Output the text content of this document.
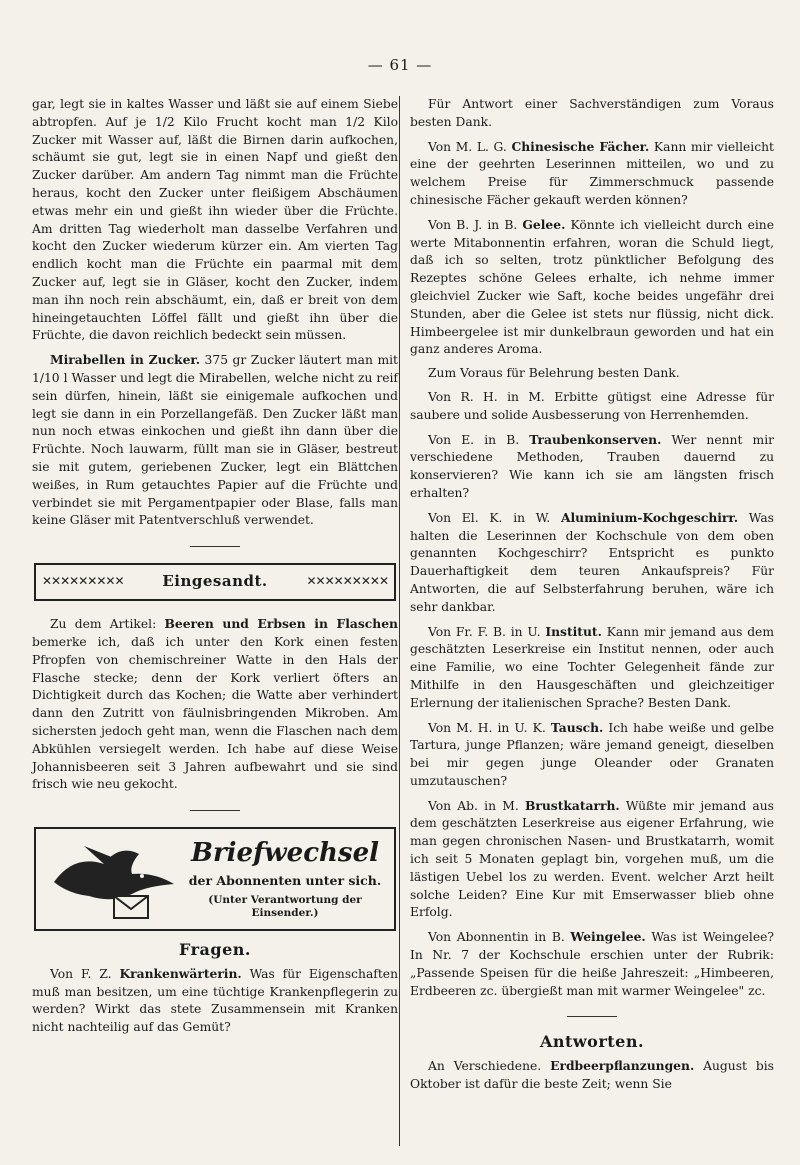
— 61 —

gar, legt sie in kaltes Wasser und läßt sie auf einem Siebe abtropfen. Auf je 1/2 Kilo Frucht kocht man 1/2 Kilo Zucker mit Wasser auf, läßt die Birnen darin aufkochen, schäumt sie gut, legt sie in einen Napf und gießt den Zucker darüber. Am andern Tag nimmt man die Früchte heraus, kocht den Zucker unter fleißigem Abschäumen etwas mehr ein und gießt ihn wieder über die Früchte. Am dritten Tag wiederholt man dasselbe Verfahren und kocht den Zucker wiederum kürzer ein. Am vierten Tag endlich kocht man die Früchte ein paarmal mit dem Zucker auf, legt sie in Gläser, kocht den Zucker, indem man ihn noch rein abschäumt, ein, daß er breit von dem hineingetauchten Löffel fällt und gießt ihn über die Früchte, die davon reichlich bedeckt sein müssen.

Mirabellen in Zucker. 375 gr Zucker läutert man mit 1/10 l Wasser und legt die Mirabellen, welche nicht zu reif sein dürfen, hinein, läßt sie einigemale aufkochen und legt sie dann in ein Porzellangefäß. Den Zucker läßt man nun noch etwas einkochen und gießt ihn dann über die Früchte. Noch lauwarm, füllt man sie in Gläser, bestreut sie mit gutem, geriebenen Zucker, legt ein Blättchen weißes, in Rum getauchtes Papier auf die Früchte und verbindet sie mit Pergamentpapier oder Blase, falls man keine Gläser mit Patentverschluß verwendet.

✕✕✕✕✕✕✕✕✕	Eingesandt.	✕✕✕✕✕✕✕✕✕

Zu dem Artikel: Beeren und Erbsen in Flaschen bemerke ich, daß ich unter den Kork einen festen Pfropfen von chemischreiner Watte in den Hals der Flasche stecke; denn der Kork verliert öfters an Dichtigkeit durch das Kochen; die Watte aber verhindert dann den Zutritt von fäulnisbringenden Mikroben. Am sichersten jedoch geht man, wenn die Flaschen nach dem Abkühlen versiegelt werden. Ich habe auf diese Weise Johannisbeeren seit 3 Jahren aufbewahrt und sie sind frisch wie neu gekocht.

Briefwechsel
der Abonnenten unter sich.
(Unter Verantwortung der Einsender.)
Fragen.

Von F. Z. Krankenwärterin. Was für Eigenschaften muß man besitzen, um eine tüchtige Krankenpflegerin zu werden? Wirkt das stete Zusammensein mit Kranken nicht nachteilig auf das Gemüt?

Für Antwort einer Sachverständigen zum Voraus besten Dank.

Von M. L. G. Chinesische Fächer. Kann mir vielleicht eine der geehrten Leserinnen mitteilen, wo und zu welchem Preise für Zimmerschmuck passende chinesische Fächer gekauft werden können?

Von B. J. in B. Gelee. Könnte ich vielleicht durch eine werte Mitabonnentin erfahren, woran die Schuld liegt, daß ich so selten, trotz pünktlicher Befolgung des Rezeptes schöne Gelees erhalte, ich nehme immer gleichviel Zucker wie Saft, koche beides ungefähr drei Stunden, aber die Gelee ist stets nur flüssig, nicht dick. Himbeergelee ist mir dunkelbraun geworden und hat ein ganz anderes Aroma.

Zum Voraus für Belehrung besten Dank.

Von R. H. in M. Erbitte gütigst eine Adresse für saubere und solide Ausbesserung von Herrenhemden.

Von E. in B. Traubenkonserven. Wer nennt mir verschiedene Methoden, Trauben dauernd zu konservieren? Wie kann ich sie am längsten frisch erhalten?

Von El. K. in W. Aluminium-Kochgeschirr. Was halten die Leserinnen der Kochschule von dem oben genannten Kochgeschirr? Entspricht es punkto Dauerhaftigkeit dem teuren Ankaufspreis? Für Antworten, die auf Selbsterfahrung beruhen, wäre ich sehr dankbar.

Von Fr. F. B. in U. Institut. Kann mir jemand aus dem geschätzten Leserkreise ein Institut nennen, oder auch eine Familie, wo eine Tochter Gelegenheit fände zur Mithilfe in den Hausgeschäften und gleichzeitiger Erlernung der italienischen Sprache? Besten Dank.

Von M. H. in U. K. Tausch. Ich habe weiße und gelbe Tartura, junge Pflanzen; wäre jemand geneigt, dieselben bei mir gegen junge Oleander oder Granaten umzutauschen?

Von Ab. in M. Brustkatarrh. Wüßte mir jemand aus dem geschätzten Leserkreise aus eigener Erfahrung, wie man gegen chronischen Nasen- und Brustkatarrh, womit ich seit 5 Monaten geplagt bin, vorgehen muß, um die lästigen Uebel los zu werden. Event. welcher Arzt heilt solche Leiden? Eine Kur mit Emserwasser blieb ohne Erfolg.

Von Abonnentin in B. Weingelee. Was ist Weingelee? In Nr. 7 der Kochschule erschien unter der Rubrik: „Passende Speisen für die heiße Jahreszeit: „Himbeeren, Erdbeeren zc. übergießt man mit warmer Weingelee" zc.

Antworten.

An Verschiedene. Erdbeerpflanzungen. August bis Oktober ist dafür die beste Zeit; wenn Sie
